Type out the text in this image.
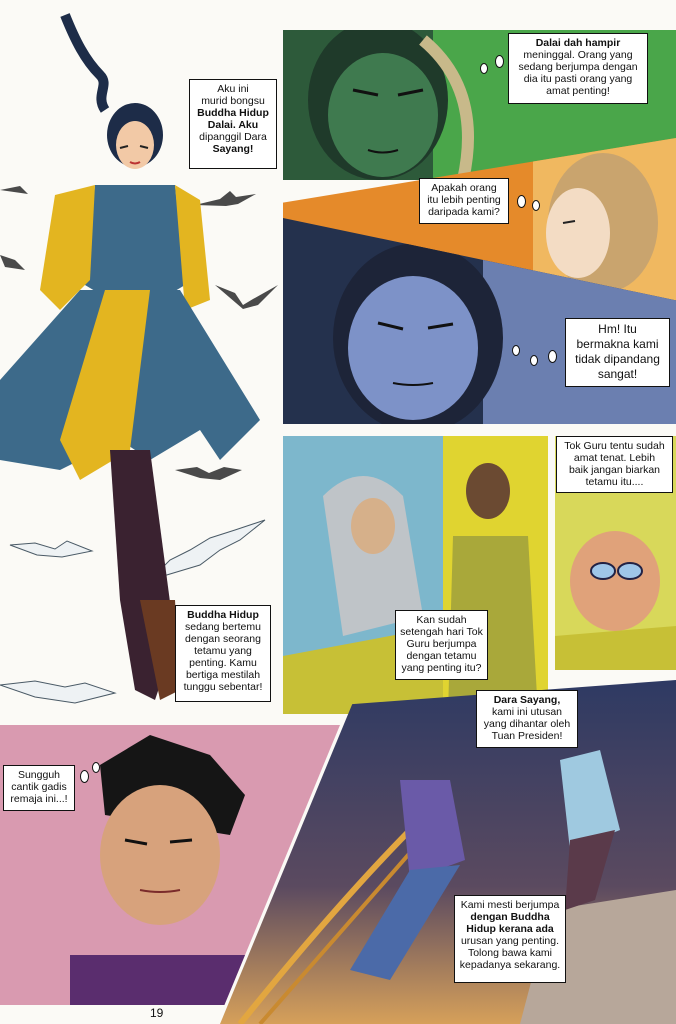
Aku ini
murid bongsu
Buddha Hidup
Dalai. Aku
dipanggil Dara
Sayang!
Buddha Hidup
sedang bertemu
dengan seorang
tetamu yang
penting. Kamu
bertiga mestilah
tunggu sebentar!
Dalai dah hampir
meninggal. Orang yang
sedang berjumpa dengan
dia itu pasti orang yang
amat penting!
Apakah orang
itu lebih penting
daripada kami?
Hm! Itu
bermakna kami
tidak dipandang
sangat!
Kan sudah
setengah hari Tok
Guru berjumpa
dengan tetamu
yang penting itu?
Tok Guru tentu sudah
amat tenat. Lebih
baik jangan biarkan
tetamu itu....
Sungguh
cantik gadis
remaja ini...!
Dara Sayang,
kami ini utusan
yang dihantar oleh
Tuan Presiden!
Kami mesti berjumpa
dengan Buddha
Hidup kerana ada
urusan yang penting.
Tolong bawa kami
kepadanya sekarang.
19
